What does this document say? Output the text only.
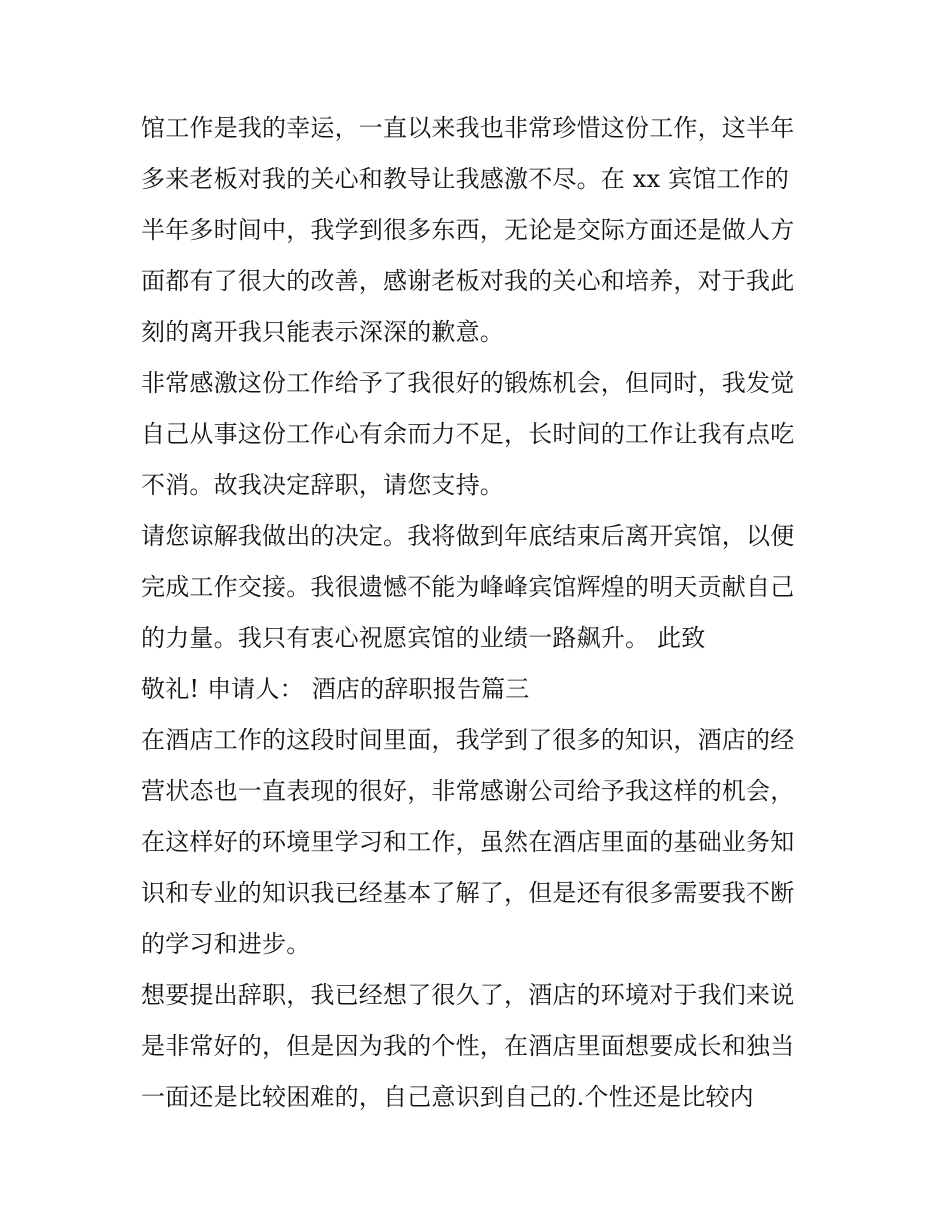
馆工作是我的幸运，一直以来我也非常珍惜这份工作，这半年
多来老板对我的关心和教导让我感激不尽。在 xx 宾馆工作的
半年多时间中，我学到很多东西，无论是交际方面还是做人方
面都有了很大的改善，感谢老板对我的关心和培养，对于我此
刻的离开我只能表示深深的歉意。
非常感激这份工作给予了我很好的锻炼机会，但同时，我发觉
自己从事这份工作心有余而力不足，长时间的工作让我有点吃
不消。故我决定辞职，请您支持。
请您谅解我做出的决定。我将做到年底结束后离开宾馆，以便
完成工作交接。我很遗憾不能为峰峰宾馆辉煌的明天贡献自己
的力量。我只有衷心祝愿宾馆的业绩一路飙升。 此致
敬礼! 申请人： 酒店的辞职报告篇三
在酒店工作的这段时间里面，我学到了很多的知识，酒店的经
营状态也一直表现的很好，非常感谢公司给予我这样的机会，
在这样好的环境里学习和工作，虽然在酒店里面的基础业务知
识和专业的知识我已经基本了解了，但是还有很多需要我不断
的学习和进步。
想要提出辞职，我已经想了很久了，酒店的环境对于我们来说
是非常好的，但是因为我的个性，在酒店里面想要成长和独当
一面还是比较困难的，自己意识到自己的.个性还是比较内
